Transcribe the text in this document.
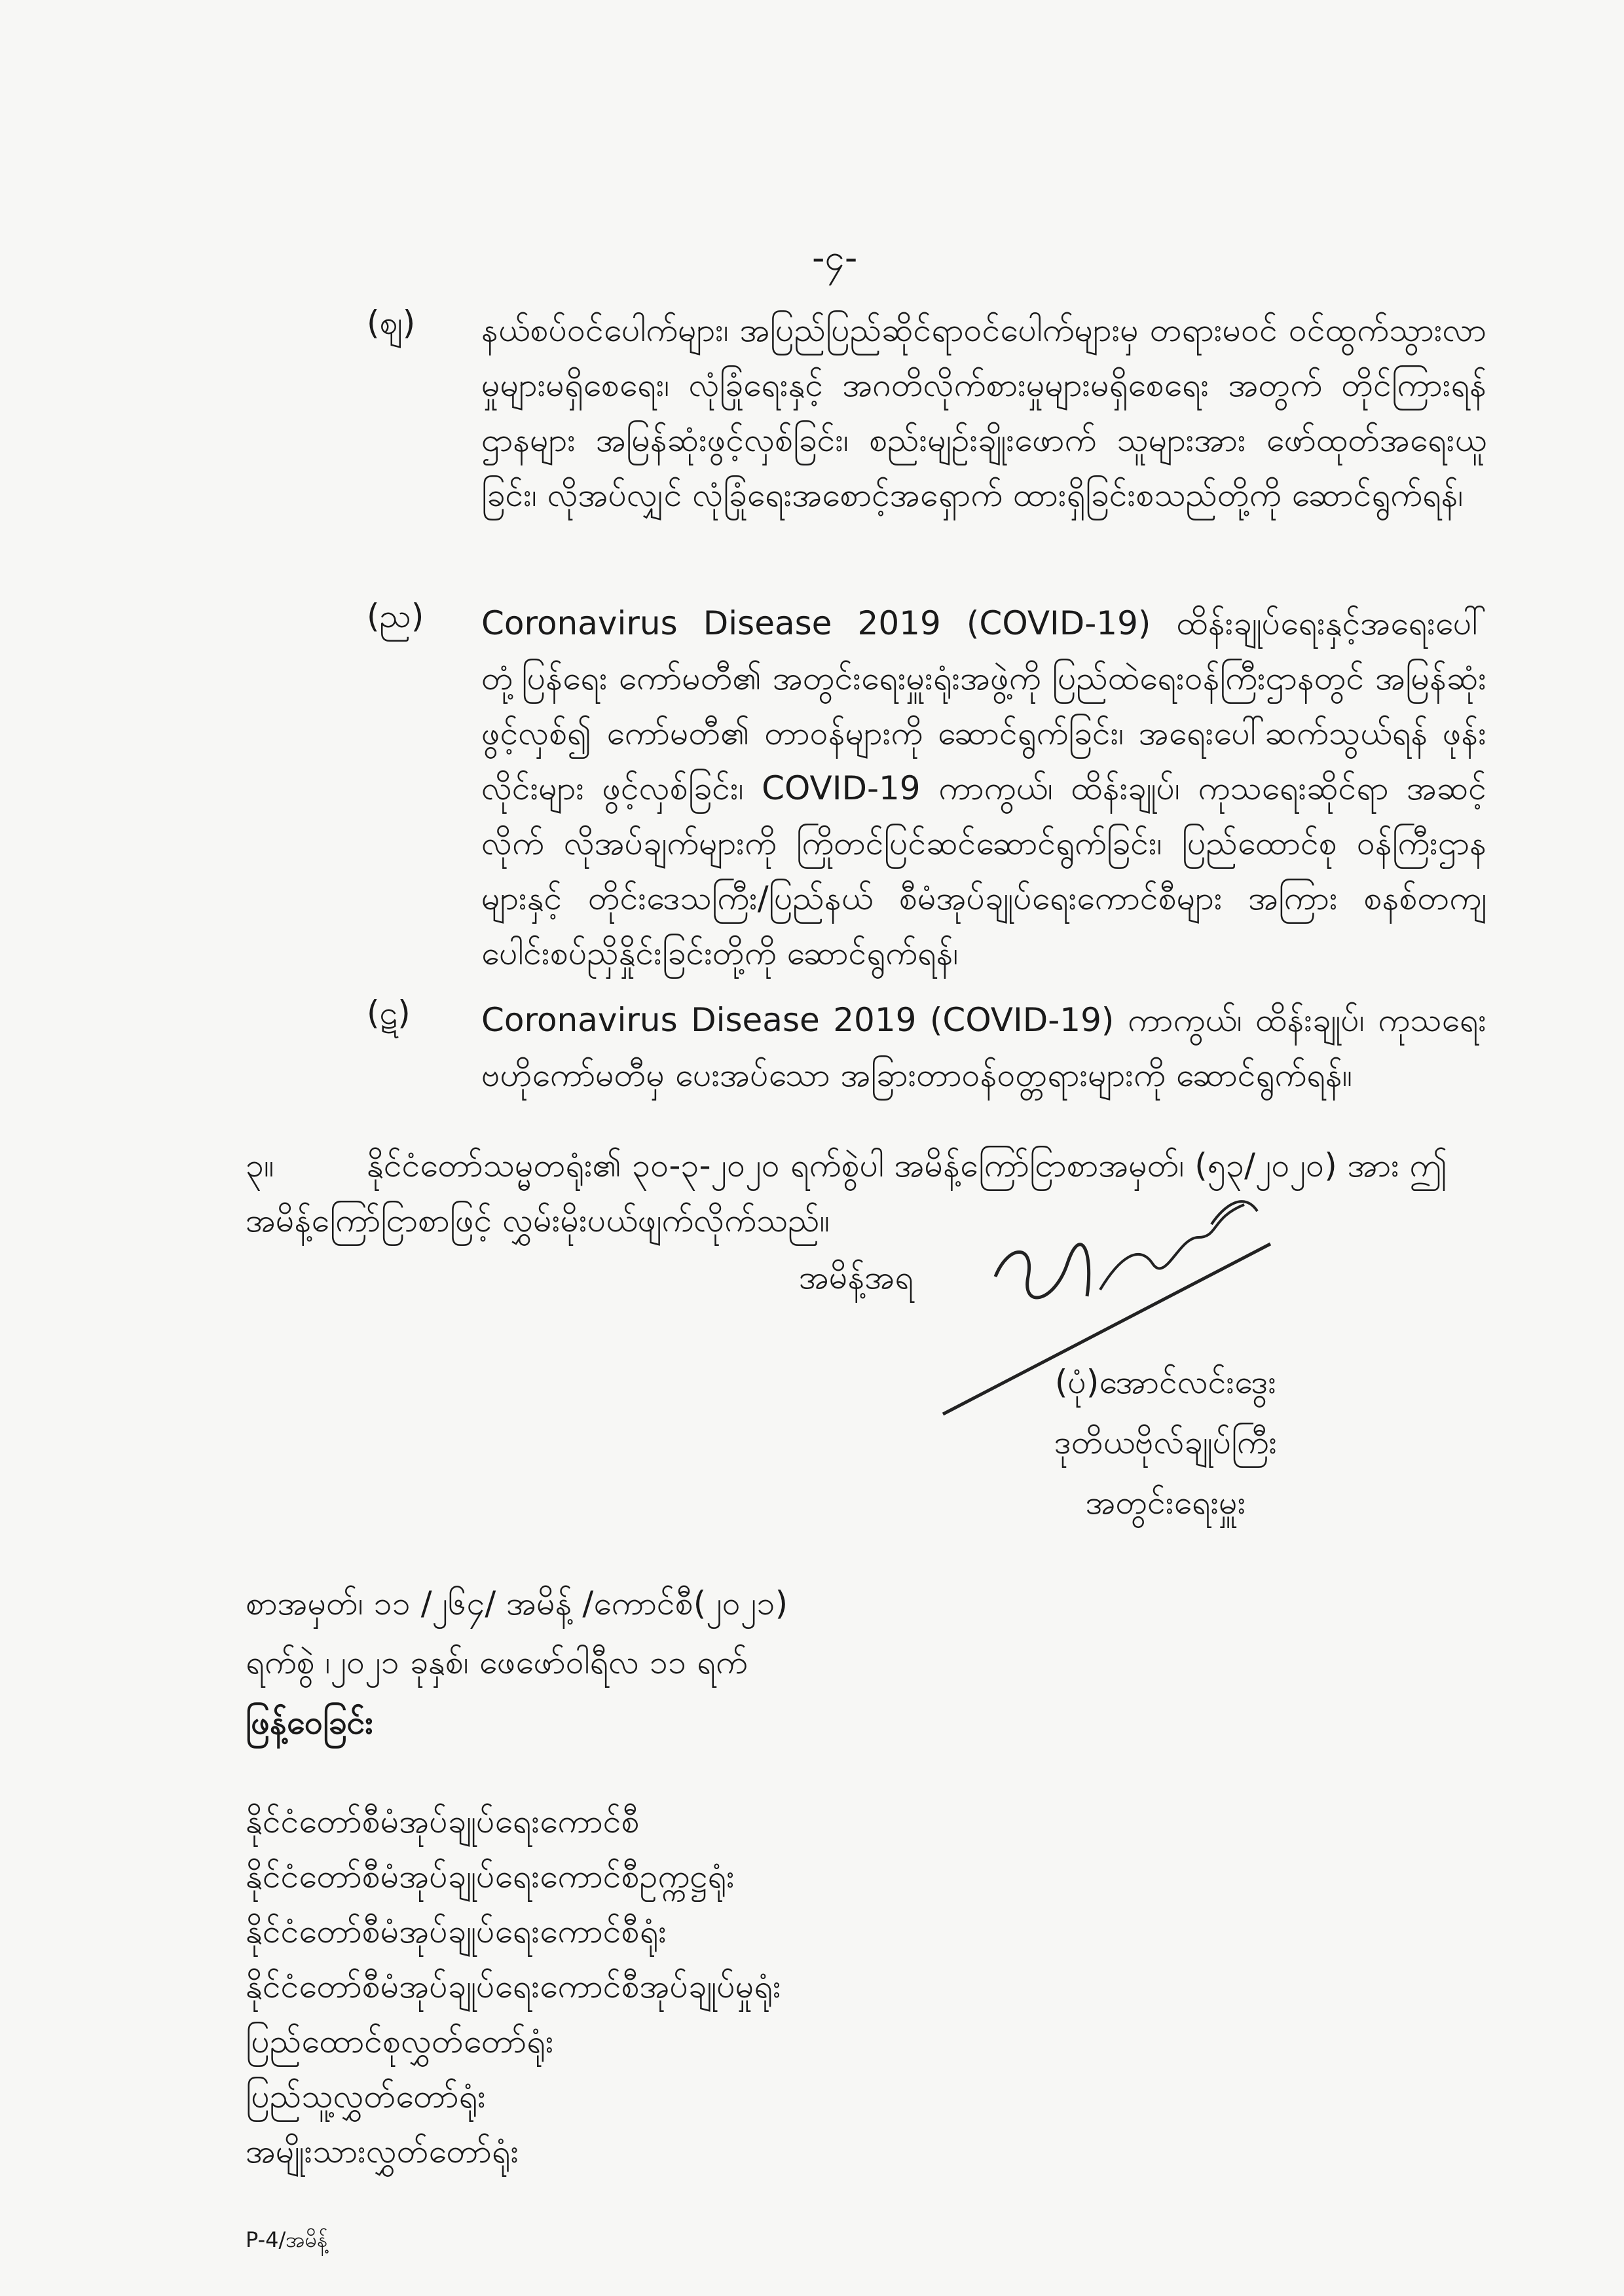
-၄-
(ဈ) နယ်စပ်ဝင်ပေါက်များ၊ အပြည်ပြည်ဆိုင်ရာဝင်ပေါက်များမှ တရားမဝင် ဝင်ထွက်သွားလာမှုများမရှိစေရေး၊ လုံခြုံရေးနှင့် အဂတိလိုက်စားမှုများမရှိစေရေး အတွက် တိုင်ကြားရန် ဌာနများ အမြန်ဆုံးဖွင့်လှစ်ခြင်း၊ စည်းမျဉ်းချိုးဖောက် သူများအား ဖော်ထုတ်အရေးယူခြင်း၊ လိုအပ်လျှင် လုံခြုံရေးအစောင့်အရှောက် ထားရှိခြင်းစသည်တို့ကို ဆောင်ရွက်ရန်၊
(ည) Coronavirus Disease 2019 (COVID-19) ထိန်းချုပ်ရေးနှင့်အရေးပေါ်တုံ့ပြန်ရေး ကော်မတီ၏ အတွင်းရေးမှူးရုံးအဖွဲ့ကို ပြည်ထဲရေးဝန်ကြီးဌာနတွင် အမြန်ဆုံး ဖွင့်လှစ်၍ ကော်မတီ၏ တာဝန်များကို ဆောင်ရွက်ခြင်း၊ အရေးပေါ်ဆက်သွယ်ရန် ဖုန်းလိုင်းများ ဖွင့်လှစ်ခြင်း၊ COVID-19 ကာကွယ်၊ ထိန်းချုပ်၊ ကုသရေးဆိုင်ရာ အဆင့်လိုက် လိုအပ်ချက်များကို ကြိုတင်ပြင်ဆင်ဆောင်ရွက်ခြင်း၊ ပြည်ထောင်စု ဝန်ကြီးဌာနများနှင့် တိုင်းဒေသကြီး/ပြည်နယ် စီမံအုပ်ချုပ်ရေးကောင်စီများ အကြား စနစ်တကျပေါင်းစပ်ညှိနှိုင်းခြင်းတို့ကို ဆောင်ရွက်ရန်၊
(ဋ) Coronavirus Disease 2019 (COVID-19) ကာကွယ်၊ ထိန်းချုပ်၊ ကုသရေး ဗဟိုကော်မတီမှ ပေးအပ်သော အခြားတာဝန်ဝတ္တရားများကို ဆောင်ရွက်ရန်။
၃။	နိုင်ငံတော်သမ္မတရုံး၏ ၃၀-၃-၂၀၂၀ ရက်စွဲပါ အမိန့်ကြော်ငြာစာအမှတ်၊ (၅၃/၂၀၂၀) အား ဤအမိန့်ကြော်ငြာစာဖြင့် လွှမ်းမိုးပယ်ဖျက်လိုက်သည်။
အမိန့်အရ
(ပုံ)အောင်လင်းဒွေး
ဒုတိယဗိုလ်ချုပ်ကြီး
အတွင်းရေးမှူး
စာအမှတ်၊ ၁၁ /၂၆၄/ အမိန့် /ကောင်စီ(၂၀၂၁)
ရက်စွဲ ၊၂၀၂၁ ခုနှစ်၊ ဖေဖော်ဝါရီလ ၁၁ ရက်
ဖြန့်ဝေခြင်း
နိုင်ငံတော်စီမံအုပ်ချုပ်ရေးကောင်စီ
နိုင်ငံတော်စီမံအုပ်ချုပ်ရေးကောင်စီဥက္ကဋ္ဌရုံး
နိုင်ငံတော်စီမံအုပ်ချုပ်ရေးကောင်စီရုံး
နိုင်ငံတော်စီမံအုပ်ချုပ်ရေးကောင်စီအုပ်ချုပ်မှုရုံး
ပြည်ထောင်စုလွှတ်တော်ရုံး
ပြည်သူ့လွှတ်တော်ရုံး
အမျိုးသားလွှတ်တော်ရုံး
P-4/အမိန့်
